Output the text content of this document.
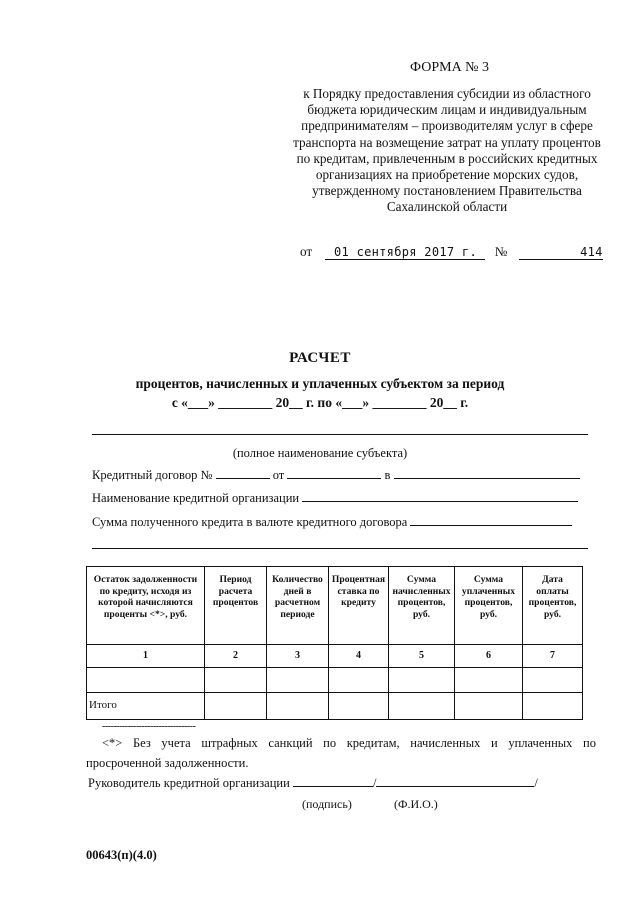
ФОРМА № 3
к Порядку предоставления субсидии из областного бюджета юридическим лицам и индивидуальным предпринимателям – производителям услуг в сфере транспорта на возмещение затрат на уплату процентов по кредитам, привлеченным в российских кредитных организациях на приобретение морских судов, утвержденному постановлением Правительства Сахалинской области
от 01 сентября 2017 г. №	414
РАСЧЕТ
процентов, начисленных и уплаченных субъектом за период
с «___» ________ 20__ г. по «___» ________ 20__ г.
(полное наименование субъекта)
Кредитный договор №	от	в
Наименование кредитной организации
Сумма полученного кредита в валюте кредитного договора
Остаток задолженности по кредиту, исходя из которой начисляются проценты <*>, руб.	Период расчета процентов	Количество дней в расчетном периоде	Процентная ставка по кредиту	Сумма начисленных процентов, руб.	Сумма уплаченных процентов, руб.	Дата оплаты процентов, руб.
1	2	3	4	5	6	7

Итого						
---------------------------------
<*> Без учета штрафных санкций по кредитам, начисленных и уплаченных по просроченной задолженности.
Руководитель кредитной организации	/	/
(подпись)	(Ф.И.О.)
00643(п)(4.0)
